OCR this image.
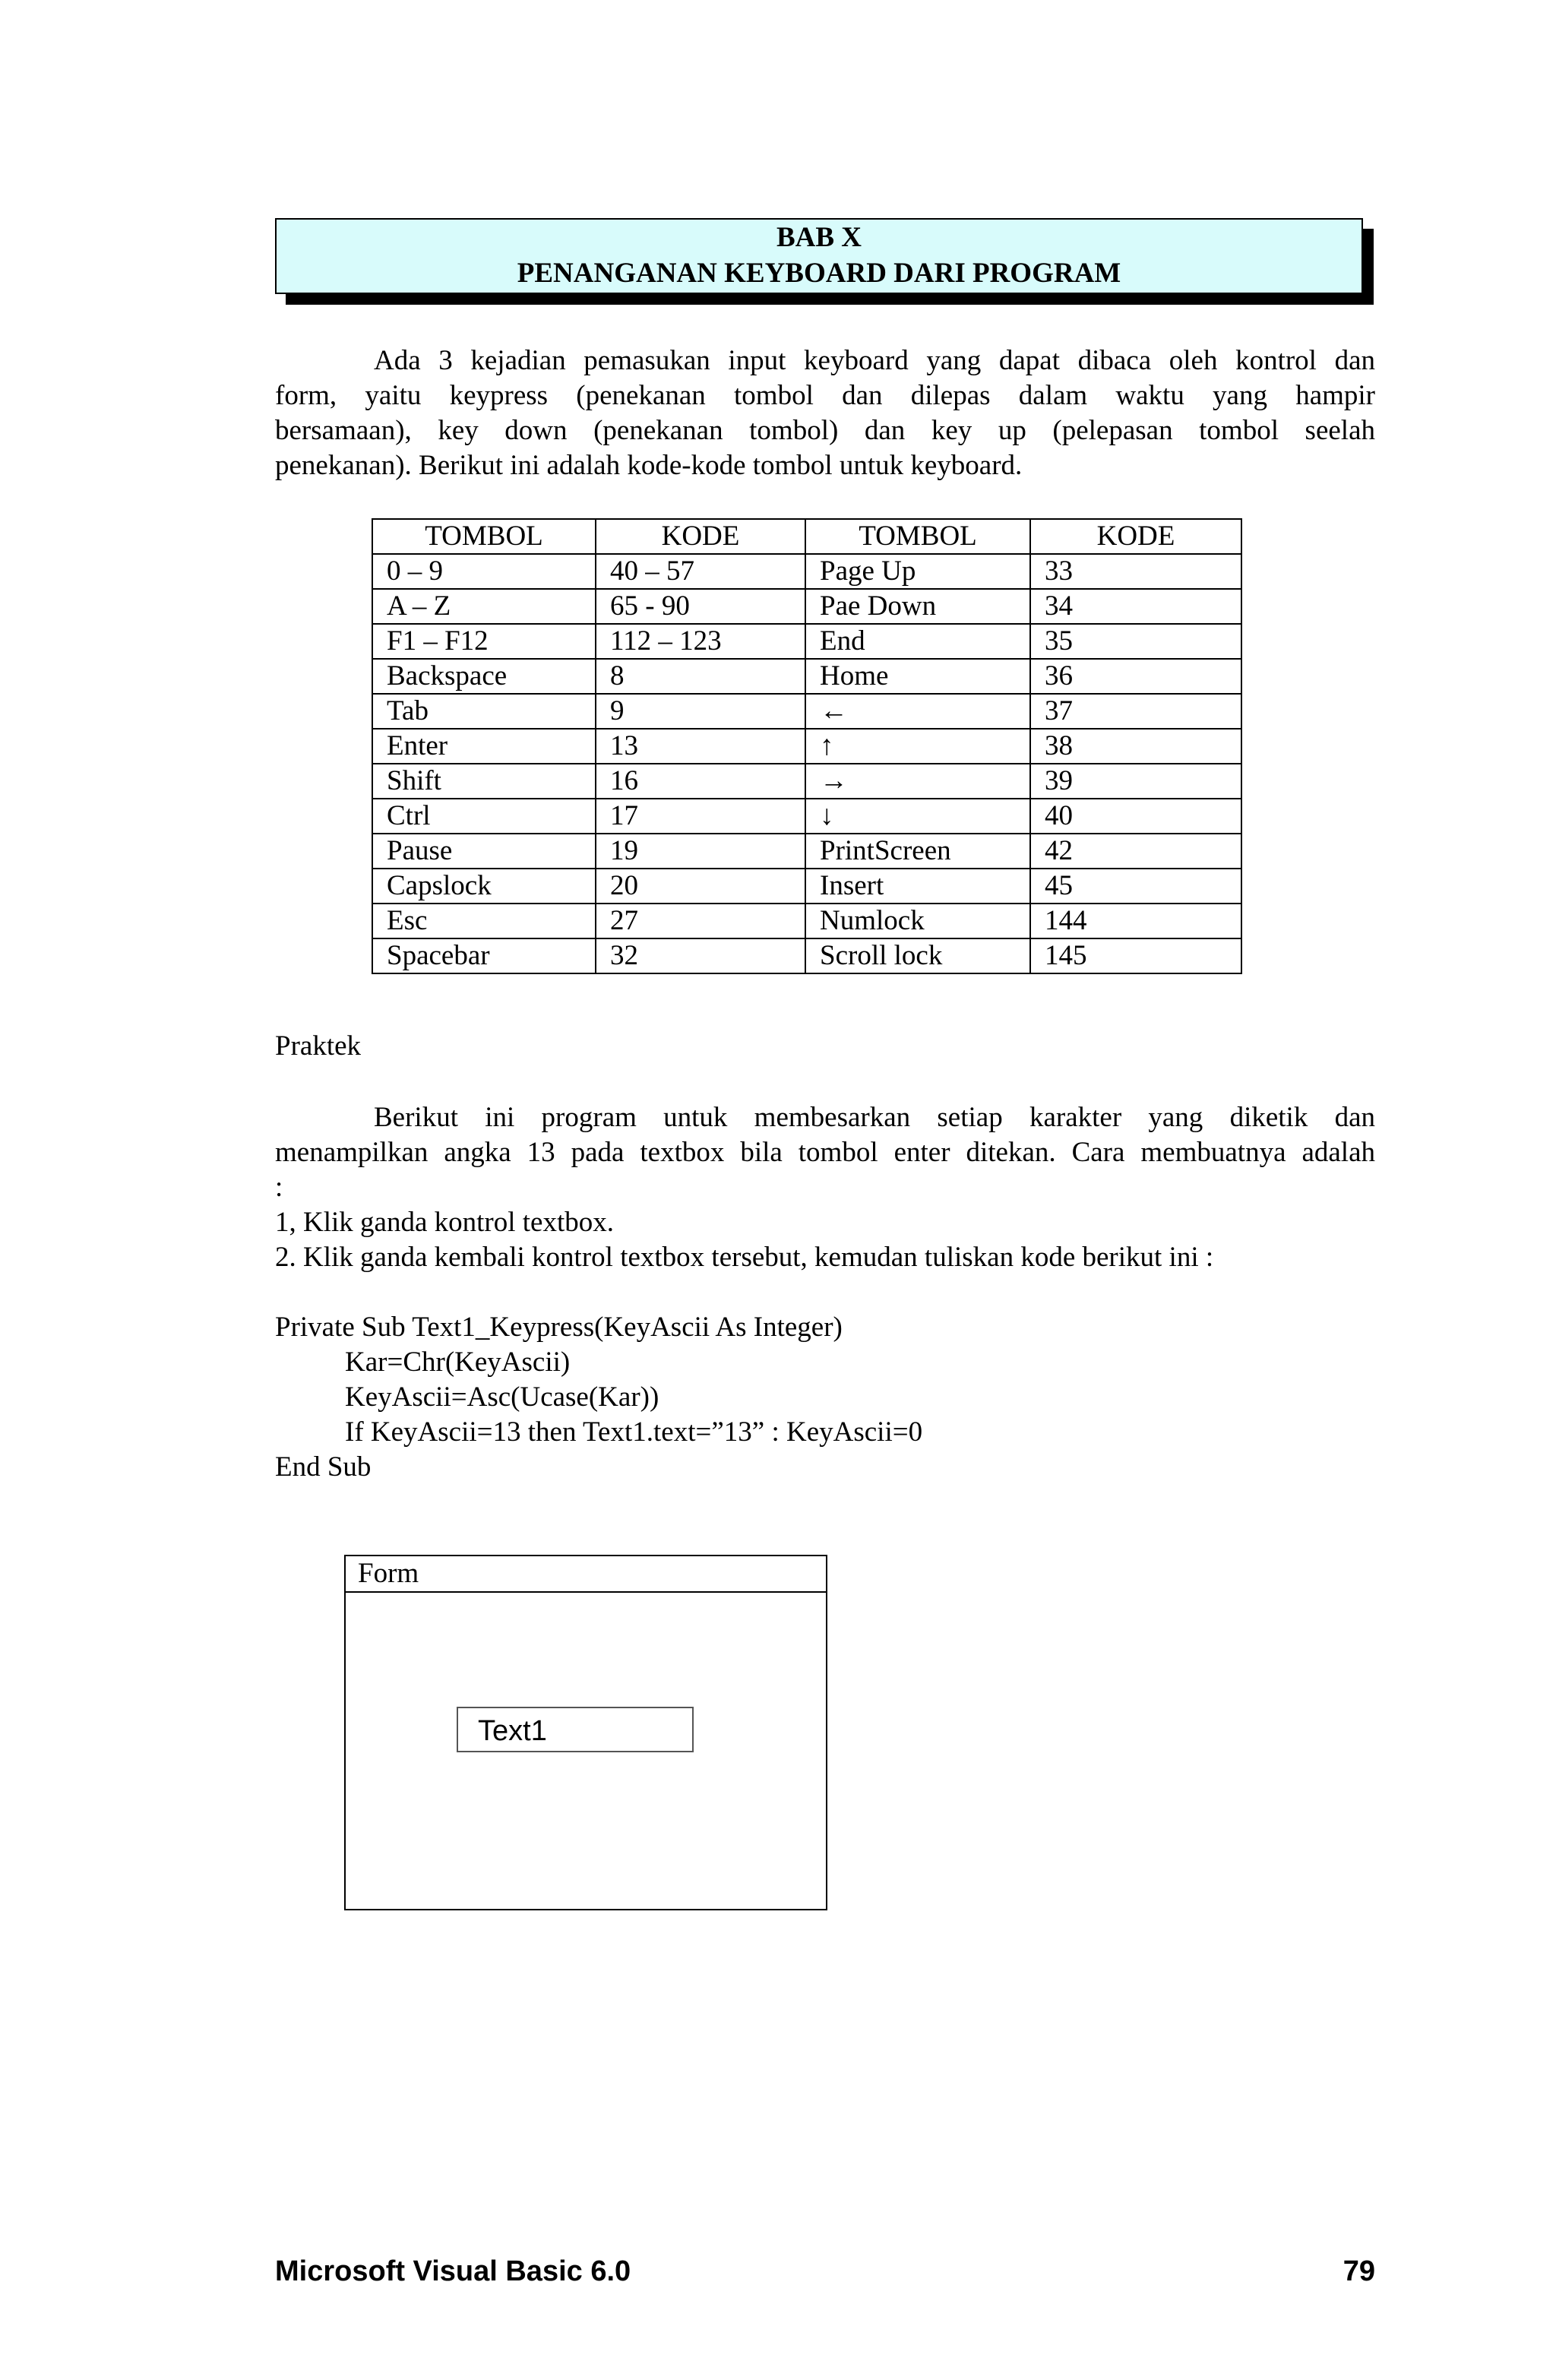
BAB X
PENANGANAN KEYBOARD DARI PROGRAM
Ada 3 kejadian pemasukan input keyboard yang dapat dibaca oleh kontrol dan
form, yaitu keypress (penekanan tombol dan dilepas dalam waktu yang hampir
bersamaan), key down (penekanan tombol) dan key up (pelepasan tombol seelah
penekanan). Berikut ini adalah kode-kode tombol untuk keyboard.
TOMBOL	KODE	TOMBOL	KODE
0 – 9	40 – 57	Page Up	33
A – Z	65 - 90	Pae Down	34
F1 – F12	112 – 123	End	35
Backspace	8	Home	36
Tab	9	←	37
Enter	13	↑	38
Shift	16	→	39
Ctrl	17	↓	40
Pause	19	PrintScreen	42
Capslock	20	Insert	45
Esc	27	Numlock	144
Spacebar	32	Scroll lock	145
Praktek
Berikut ini program untuk membesarkan setiap karakter yang diketik dan
menampilkan angka 13 pada textbox bila tombol enter ditekan. Cara membuatnya adalah
:
1, Klik ganda kontrol textbox.
2. Klik ganda kembali kontrol textbox tersebut, kemudan tuliskan kode berikut ini :
Private Sub Text1_Keypress(KeyAscii As Integer)
Kar=Chr(KeyAscii)
KeyAscii=Asc(Ucase(Kar))
If KeyAscii=13 then Text1.text=”13” : KeyAscii=0
End Sub
Form
Text1
Microsoft Visual Basic 6.0	79
